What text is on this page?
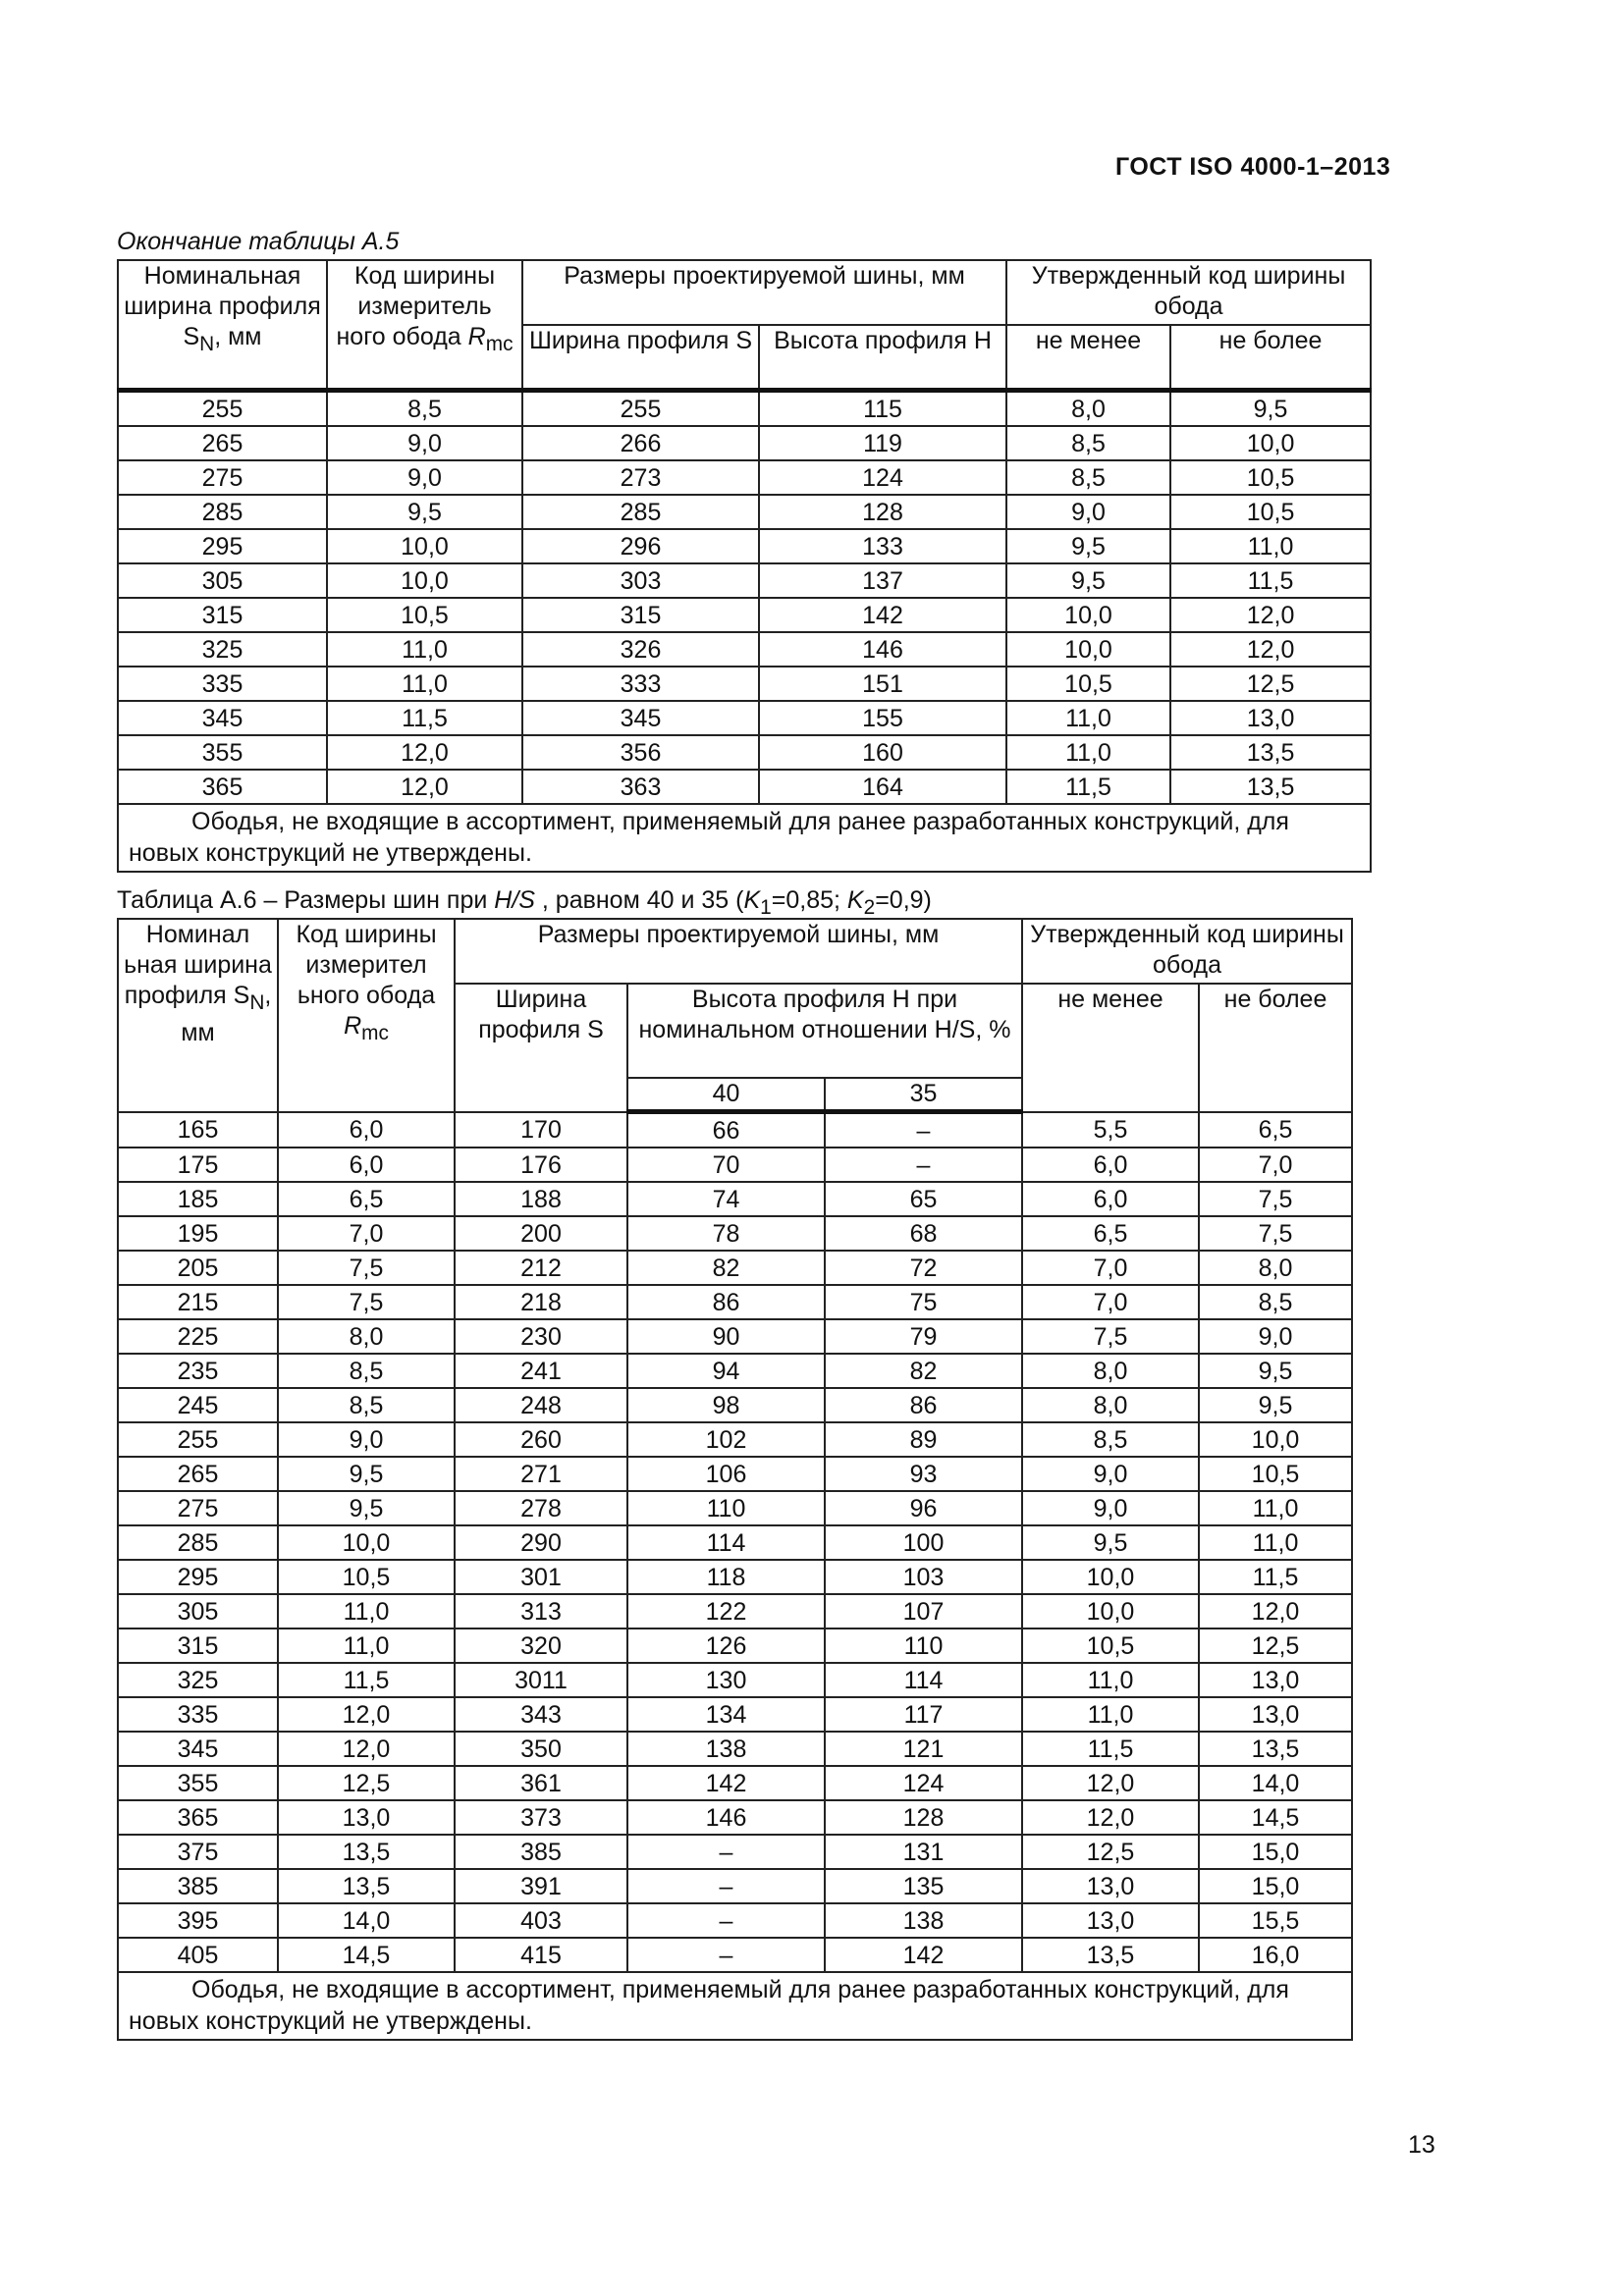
ГОСТ ISO 4000-1–2013
Окончание таблицы А.5
Номинальная ширина профиля $S_N$, мм	Код ширины измеритель ного обода $R_{mc}$	Размеры проектируемой шины, мм		Утвержденный код ширины обода	
		Ширина профиля S	Высота профиля H	не менее	не более
255	8,5	255	115	8,0	9,5
265	9,0	266	119	8,5	10,0
275	9,0	273	124	8,5	10,5
285	9,5	285	128	9,0	10,5
295	10,0	296	133	9,5	11,0
305	10,0	303	137	9,5	11,5
315	10,5	315	142	10,0	12,0
325	11,0	326	146	10,0	12,0
335	11,0	333	151	10,5	12,5
345	11,5	345	155	11,0	13,0
355	12,0	356	160	11,0	13,5
365	12,0	363	164	11,5	13,5
Ободья, не входящие в ассортимент, применяемый для ранее разработанных конструкций, для новых конструкций не утверждены.					
Таблица А.6 – Размеры шин при H/S , равном 40 и 35 ($K_1=0,85$; $K_2=0,9$)
Номинал ьная ширина профиля $S_N$, мм	Код ширины измерител ьного обода $R_{mc}$	Размеры проектируемой шины, мм			Утвержденный код ширины обода	
		Ширина профиля S	Высота профиля H при номинальном отношении H/S, %		не менее	не более
			40	35		
165	6,0	170	66	–	5,5	6,5
175	6,0	176	70	–	6,0	7,0
185	6,5	188	74	65	6,0	7,5
195	7,0	200	78	68	6,5	7,5
205	7,5	212	82	72	7,0	8,0
215	7,5	218	86	75	7,0	8,5
225	8,0	230	90	79	7,5	9,0
235	8,5	241	94	82	8,0	9,5
245	8,5	248	98	86	8,0	9,5
255	9,0	260	102	89	8,5	10,0
265	9,5	271	106	93	9,0	10,5
275	9,5	278	110	96	9,0	11,0
285	10,0	290	114	100	9,5	11,0
295	10,5	301	118	103	10,0	11,5
305	11,0	313	122	107	10,0	12,0
315	11,0	320	126	110	10,5	12,5
325	11,5	3011	130	114	11,0	13,0
335	12,0	343	134	117	11,0	13,0
345	12,0	350	138	121	11,5	13,5
355	12,5	361	142	124	12,0	14,0
365	13,0	373	146	128	12,0	14,5
375	13,5	385	–	131	12,5	15,0
385	13,5	391	–	135	13,0	15,0
395	14,0	403	–	138	13,0	15,5
405	14,5	415	–	142	13,5	16,0
Ободья, не входящие в ассортимент, применяемый для ранее разработанных конструкций, для новых конструкций не утверждены.						
13
